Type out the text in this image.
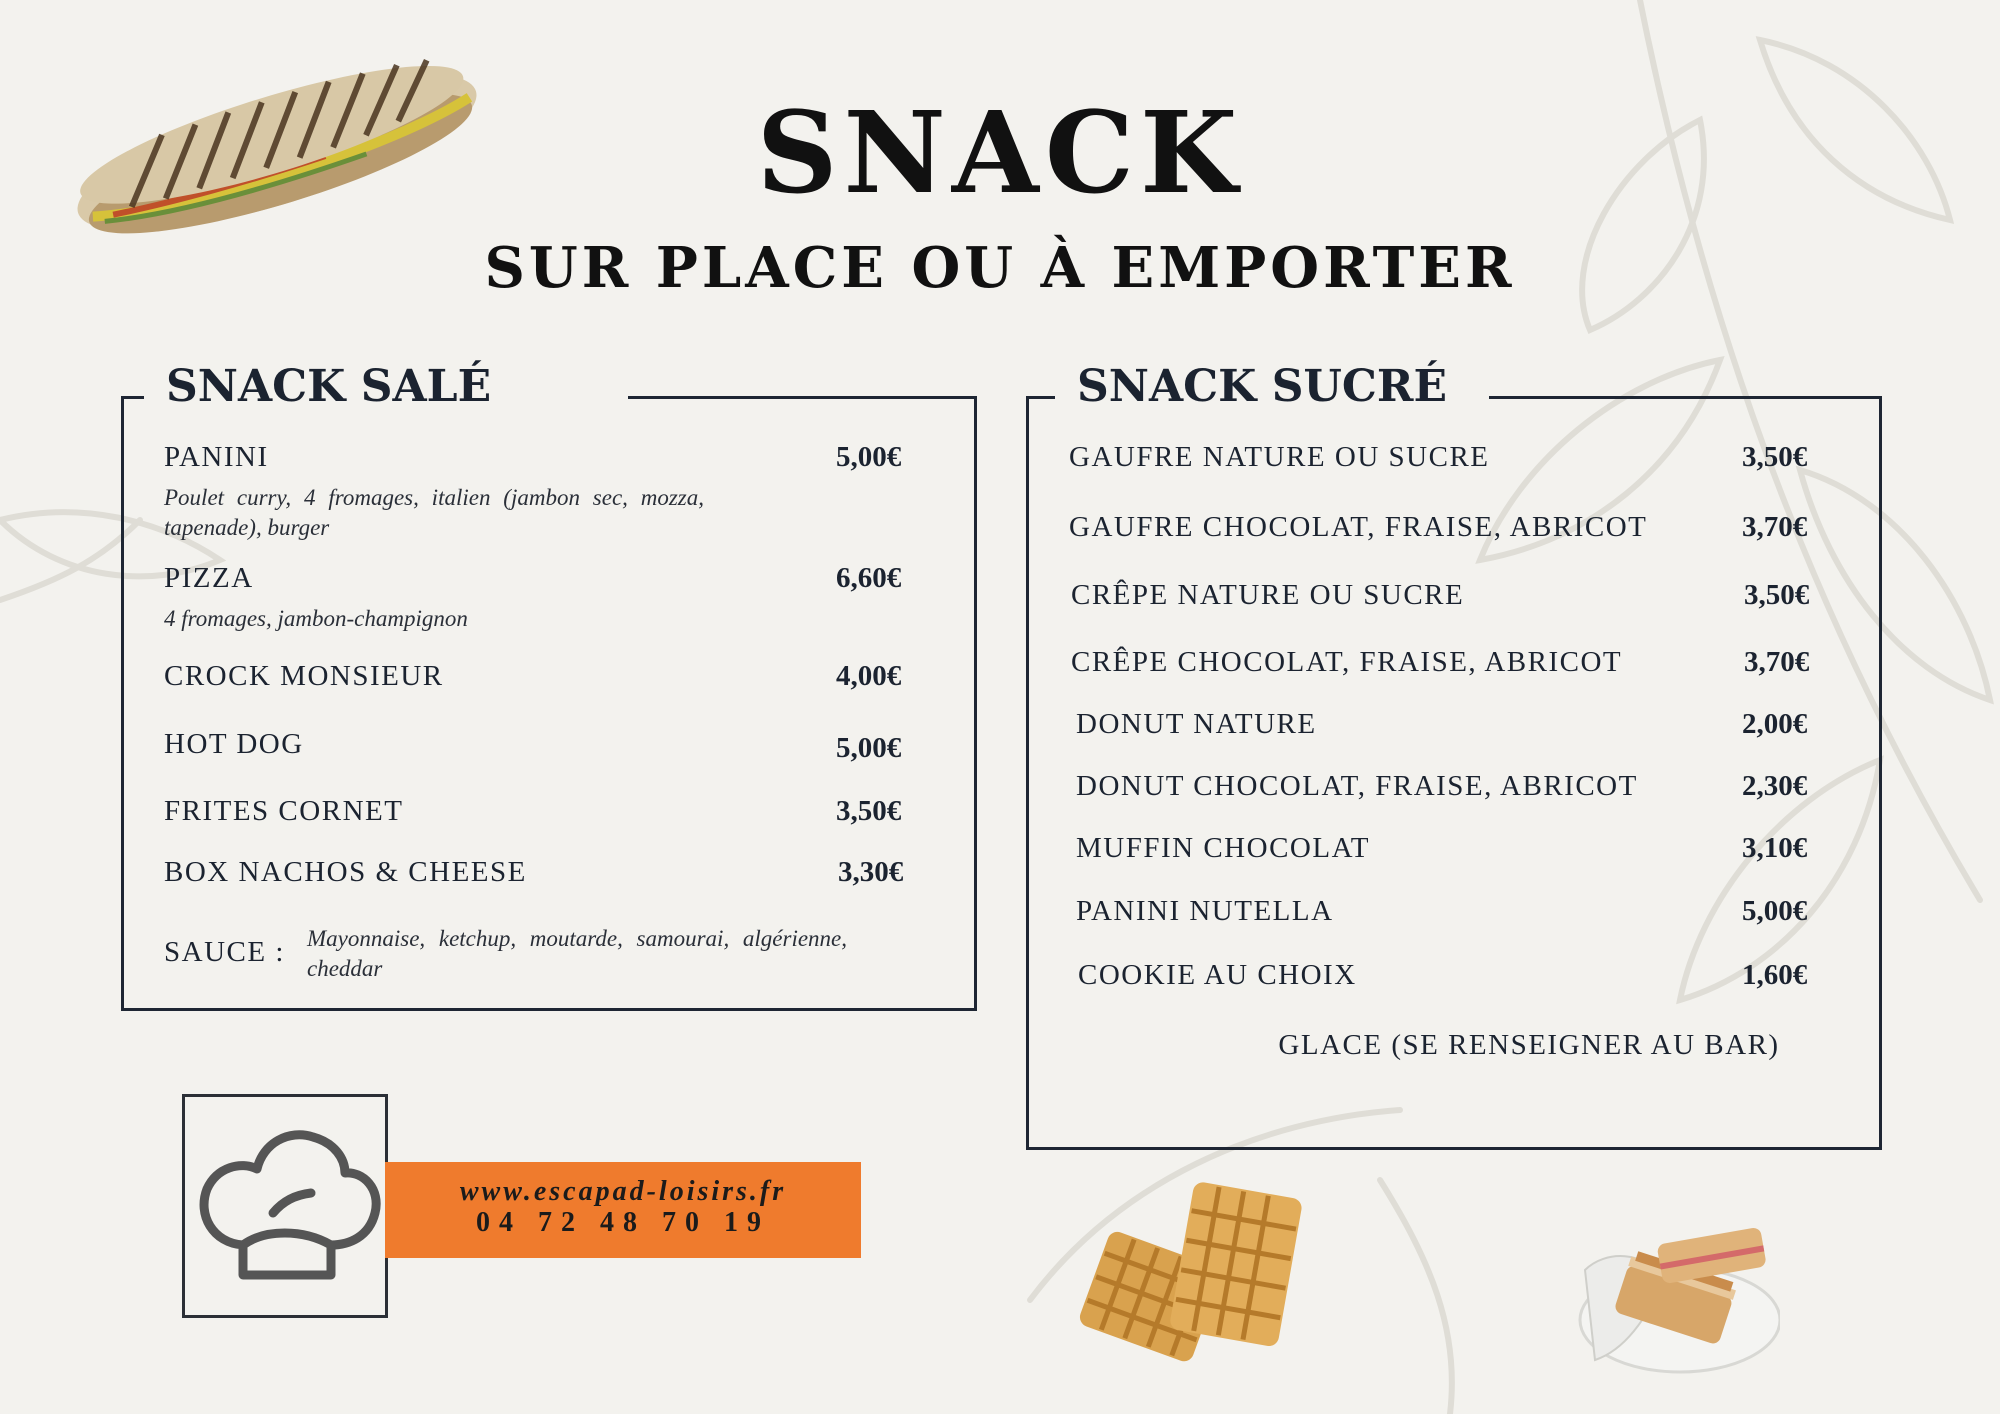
SNACK
SUR PLACE OU À EMPORTER
SNACK SALÉ
PANINI	5,00€
Poulet curry, 4 fromages, italien (jambon sec, mozza, tapenade), burger
PIZZA	6,60€
4 fromages, jambon-champignon
CROCK MONSIEUR	4,00€
HOT DOG	5,00€
FRITES CORNET	3,50€
BOX NACHOS & CHEESE	3,30€
SAUCE : Mayonnaise, ketchup, moutarde, samourai, algérienne, cheddar
SNACK SUCRÉ
GAUFRE NATURE OU SUCRE	3,50€
GAUFRE CHOCOLAT, FRAISE, ABRICOT	3,70€
CRÊPE NATURE OU SUCRE	3,50€
CRÊPE CHOCOLAT, FRAISE, ABRICOT	3,70€
DONUT NATURE	2,00€
DONUT CHOCOLAT, FRAISE, ABRICOT	2,30€
MUFFIN CHOCOLAT	3,10€
PANINI NUTELLA	5,00€
COOKIE AU CHOIX	1,60€
GLACE (SE RENSEIGNER AU BAR)
www.escapad-loisirs.fr
04 72 48 70 19
